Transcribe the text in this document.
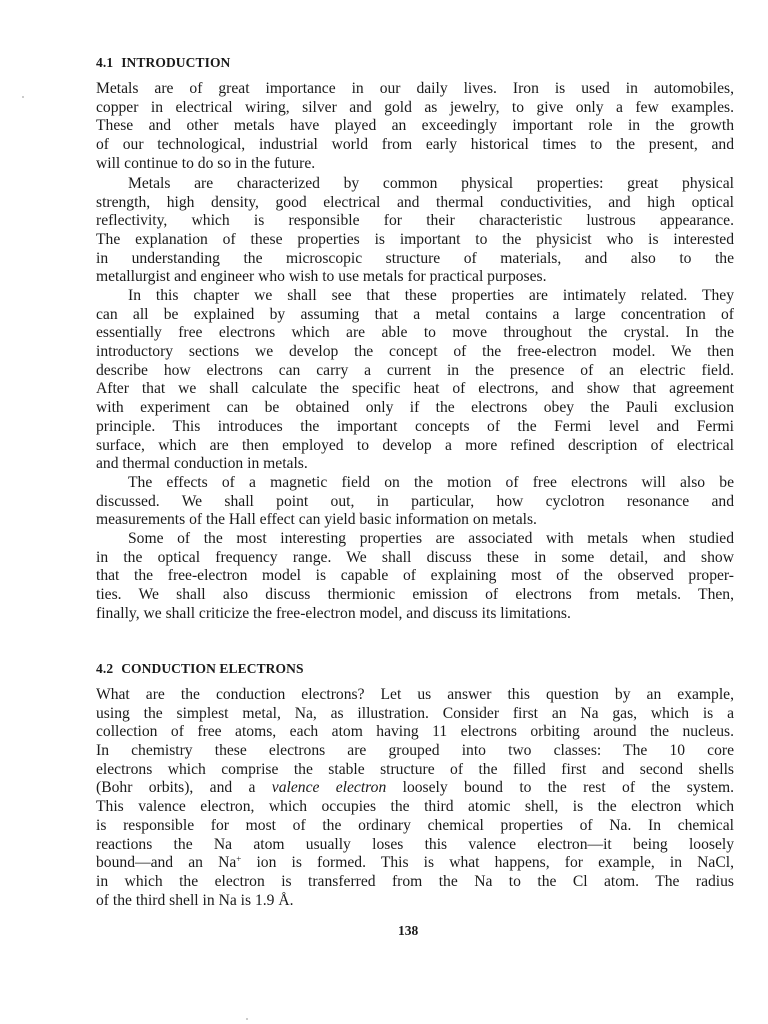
4.1 INTRODUCTION
Metals are of great importance in our daily lives. Iron is used in automobiles,
copper in electrical wiring, silver and gold as jewelry, to give only a few examples.
These and other metals have played an exceedingly important role in the growth
of our technological, industrial world from early historical times to the present, and
will continue to do so in the future.
Metals are characterized by common physical properties: great physical
strength, high density, good electrical and thermal conductivities, and high optical
reflectivity, which is responsible for their characteristic lustrous appearance.
The explanation of these properties is important to the physicist who is interested
in understanding the microscopic structure of materials, and also to the
metallurgist and engineer who wish to use metals for practical purposes.
In this chapter we shall see that these properties are intimately related. They
can all be explained by assuming that a metal contains a large concentration of
essentially free electrons which are able to move throughout the crystal. In the
introductory sections we develop the concept of the free-electron model. We then
describe how electrons can carry a current in the presence of an electric field.
After that we shall calculate the specific heat of electrons, and show that agreement
with experiment can be obtained only if the electrons obey the Pauli exclusion
principle. This introduces the important concepts of the Fermi level and Fermi
surface, which are then employed to develop a more refined description of electrical
and thermal conduction in metals.
The effects of a magnetic field on the motion of free electrons will also be
discussed. We shall point out, in particular, how cyclotron resonance and
measurements of the Hall effect can yield basic information on metals.
Some of the most interesting properties are associated with metals when studied
in the optical frequency range. We shall discuss these in some detail, and show
that the free-electron model is capable of explaining most of the observed proper-
ties. We shall also discuss thermionic emission of electrons from metals. Then,
finally, we shall criticize the free-electron model, and discuss its limitations.
4.2 CONDUCTION ELECTRONS
What are the conduction electrons? Let us answer this question by an example,
using the simplest metal, Na, as illustration. Consider first an Na gas, which is a
collection of free atoms, each atom having 11 electrons orbiting around the nucleus.
In chemistry these electrons are grouped into two classes: The 10 core
electrons which comprise the stable structure of the filled first and second shells
(Bohr orbits), and a valence electron loosely bound to the rest of the system.
This valence electron, which occupies the third atomic shell, is the electron which
is responsible for most of the ordinary chemical properties of Na. In chemical
reactions the Na atom usually loses this valence electron—it being loosely
bound—and an Na+ ion is formed. This is what happens, for example, in NaCl,
in which the electron is transferred from the Na to the Cl atom. The radius
of the third shell in Na is 1.9 Å.
138
